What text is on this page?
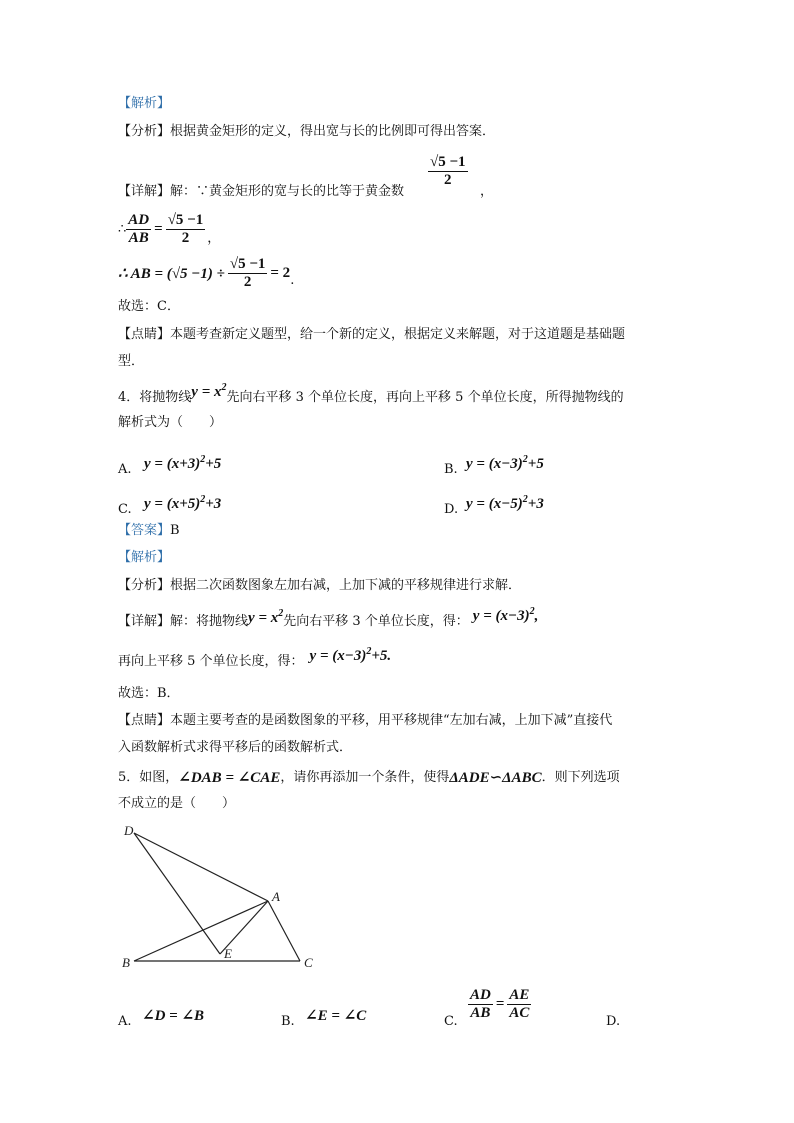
【解析】
【分析】根据黄金矩形的定义，得出宽与长的比例即可得出答案．
【详解】解：∵黄金矩形的宽与长的比等于黄金数
$\frac{√5 -1}{2}$
，
∴ $\frac{AD}{AB} = \frac{√5 -1}{2}$ ，
∴ AB = $(√5 -1) \div \frac{√5 -1}{2} = 2$ .
故选：C．
【点睛】本题考查新定义题型，给一个新的定义，根据定义来解题，对于这道题是基础题
型．
4．将抛物线 $y = x^2$
先向右平移 3 个单位长度，再向上平移 5 个单位长度，所得抛物线的
解析式为（　　）
A. $y = (x+3)^2+5$	B. $y = (x-3)^2+5$
C. $y = (x+5)^2+3$	D. $y = (x-5)^2+3$
【答案】B
【解析】
【分析】根据二次函数图象左加右减，上加下减的平移规律进行求解．
【详解】 解：将抛物线 $y = x^2$ 先向右平移 3 个单位长度，得： $y = (x-3)^2$,
再向上平移 5 个单位长度，得： $y = (x-3)^2+5$.
故选：B．
【点睛】本题主要考查的是函数图象的平移，用平移规律“左加右减，上加下减”直接代
入函数解析式求得平移后的函数解析式．
5．如图， ∠DAB = ∠CAE ，请你再添加一个条件，使得 ΔADE∽ΔABC ．则下列选项
不成立的是（　　）
D
A
B
E
C
A. ∠D = ∠B	B. ∠E = ∠C	C. $\frac{AD}{AB} = \frac{AE}{AC}$	D.
